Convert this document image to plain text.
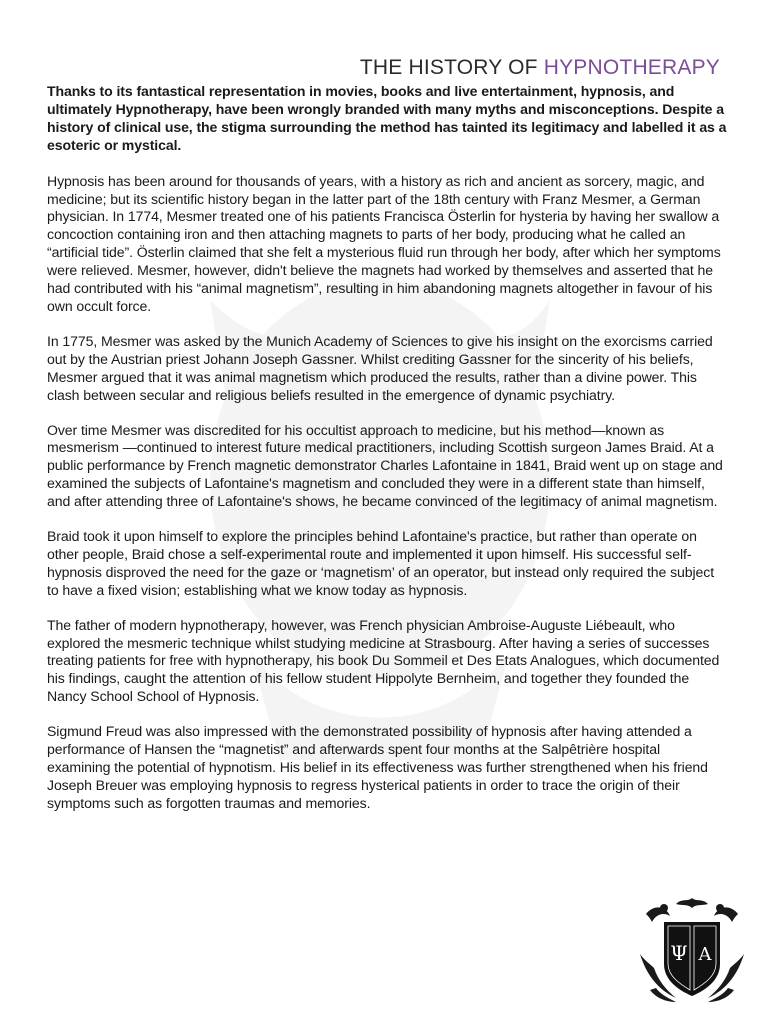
THE HISTORY OF HYPNOTHERAPY

Thanks to its fantastical representation in movies, books and live entertainment, hypnosis, and ultimately Hypnotherapy, have been wrongly branded with many myths and misconceptions. Despite a history of clinical use, the stigma surrounding the method has tainted its legitimacy and labelled it as a esoteric or mystical.

Hypnosis has been around for thousands of years, with a history as rich and ancient as sorcery, magic, and medicine; but its scientific history began in the latter part of the 18th century with Franz Mesmer, a German physician. In 1774, Mesmer treated one of his patients Francisca Österlin for hysteria by having her swallow a concoction containing iron and then attaching magnets to parts of her body, producing what he called an “artificial tide”. Österlin claimed that she felt a mysterious fluid run through her body, after which her symptoms were relieved. Mesmer, however, didn't believe the magnets had worked by themselves and asserted that he had contributed with his “animal magnetism”, resulting in him abandoning magnets altogether in favour of his own occult force.

In 1775, Mesmer was asked by the Munich Academy of Sciences to give his insight on the exorcisms carried out by the Austrian priest Johann Joseph Gassner. Whilst crediting Gassner for the sincerity of his beliefs, Mesmer argued that it was animal magnetism which produced the results, rather than a divine power. This clash between secular and religious beliefs resulted in the emergence of dynamic psychiatry.

Over time Mesmer was discredited for his occultist approach to medicine, but his method—known as mesmerism —continued to interest future medical practitioners, including Scottish surgeon James Braid. At a public performance by French magnetic demonstrator Charles Lafontaine in 1841, Braid went up on stage and examined the subjects of Lafontaine's magnetism and concluded they were in a different state than himself, and after attending three of Lafontaine's shows, he became convinced of the legitimacy of animal magnetism.

Braid took it upon himself to explore the principles behind Lafontaine's practice, but rather than operate on other people, Braid chose a self-experimental route and implemented it upon himself. His successful self-hypnosis disproved the need for the gaze or ‘magnetism’ of an operator, but instead only required the subject to have a fixed vision; establishing what we know today as hypnosis.

The father of modern hypnotherapy, however, was French physician Ambroise-Auguste Liébeault, who explored the mesmeric technique whilst studying medicine at Strasbourg. After having a series of successes treating patients for free with hypnotherapy, his book Du Sommeil et Des Etats Analogues, which documented his findings, caught the attention of his fellow student Hippolyte Bernheim, and together they founded the Nancy School School of Hypnosis.

Sigmund Freud was also impressed with the demonstrated possibility of hypnosis after having attended a performance of Hansen the “magnetist” and afterwards spent four months at the Salpêtrière hospital examining the potential of hypnotism. His belief in its effectiveness was further strengthened when his friend Joseph Breuer was employing hypnosis to regress hysterical patients in order to trace the origin of their symptoms such as forgotten traumas and memories.

Ψ A
